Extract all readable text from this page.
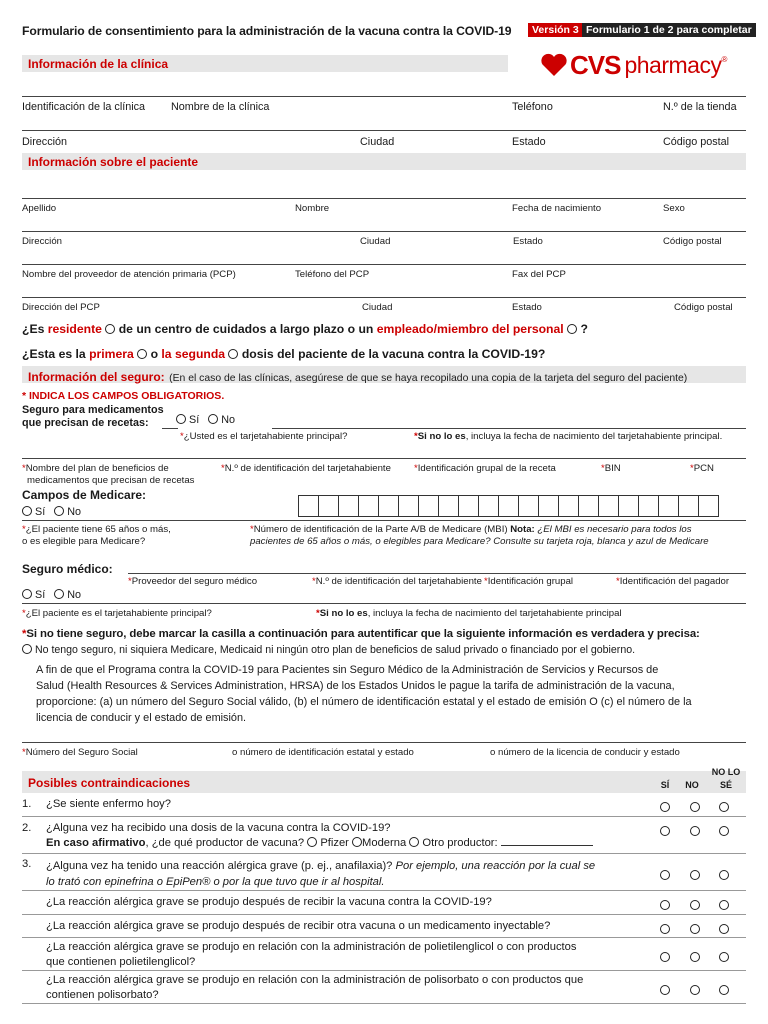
Formulario de consentimiento para la administración de la vacuna contra la COVID-19	Versión 3 Formulario 1 de 2 para completar
CVS pharmacy ®
Información de la clínica
Identificación de la clínica Nombre de la clínica	Teléfono	N.º de la tienda
Dirección	Ciudad	Estado	Código postal
Información sobre el paciente
Apellido	Nombre	Fecha de nacimiento	Sexo
Dirección	Ciudad	Estado	Código postal
Nombre del proveedor de atención primaria (PCP)	Teléfono del PCP	Fax del PCP
Dirección del PCP	Ciudad	Estado	Código postal
¿Es residente  de un centro de cuidados a largo plazo o un empleado/miembro del personal  ?
¿Esta es la primera  o la segunda  dosis del paciente de la vacuna contra la COVID-19?
Información del seguro: (En el caso de las clínicas, asegúrese de que se haya recopilado una copia de la tarjeta del seguro del paciente)
* INDICA LOS CAMPOS OBLIGATORIOS.
Seguro para medicamentos
que precisan de recetas:	Sí No
*¿Usted es el tarjetahabiente principal?	*Si no lo es, incluya la fecha de nacimiento del tarjetahabiente principal.
*Nombre del plan de beneficios de
medicamentos que precisan de recetas
*N.º de identificación del tarjetahabiente *Identificación grupal de la receta	*BIN	*PCN
Campos de Medicare:
Sí No
*¿El paciente tiene 65 años o más,
o es elegible para Medicare?
*Número de identificación de la Parte A/B de Medicare (MBI) Nota: ¿El MBI es necesario para todos los
pacientes de 65 años o más, o elegibles para Medicare? Consulte su tarjeta roja, blanca y azul de Medicare
Seguro médico:
*Proveedor del seguro médico	*N.º de identificación del tarjetahabiente *Identificación grupal	*Identificación del pagador
Sí No
*¿El paciente es el tarjetahabiente principal?	*Si no lo es, incluya la fecha de nacimiento del tarjetahabiente principal
*Si no tiene seguro, debe marcar la casilla a continuación para autentificar que la siguiente información es verdadera y precisa:
No tengo seguro, ni siquiera Medicare, Medicaid ni ningún otro plan de beneficios de salud privado o financiado por el gobierno.
A fin de que el Programa contra la COVID-19 para Pacientes sin Seguro Médico de la Administración de Servicios y Recursos de
Salud (Health Resources & Services Administration, HRSA) de los Estados Unidos le pague la tarifa de administración de la vacuna,
proporcione: (a) un número del Seguro Social válido, (b) el número de identificación estatal y el estado de emisión O (c) el número de la
licencia de conducir y el estado de emisión.
*Número del Seguro Social	o número de identificación estatal y estado	o número de la licencia de conducir y estado
Posibles contraindicaciones	SÍ	NO
NO LO
SÉ
1. ¿Se siente enfermo hoy?
2. ¿Alguna vez ha recibido una dosis de la vacuna contra la COVID-19?
En caso afirmativo, ¿de qué productor de vacuna? Pfizer Moderna Otro productor:
3. ¿Alguna vez ha tenido una reacción alérgica grave (p. ej., anafilaxia)? Por ejemplo, una reacción por la cual se
lo trató con epinefrina o EpiPen® o por la que tuvo que ir al hospital.
¿La reacción alérgica grave se produjo después de recibir la vacuna contra la COVID-19?
¿La reacción alérgica grave se produjo después de recibir otra vacuna o un medicamento inyectable?
¿La reacción alérgica grave se produjo en relación con la administración de polietilenglicol o con productos
que contienen polietilenglicol?
¿La reacción alérgica grave se produjo en relación con la administración de polisorbato o con productos que
contienen polisorbato?
